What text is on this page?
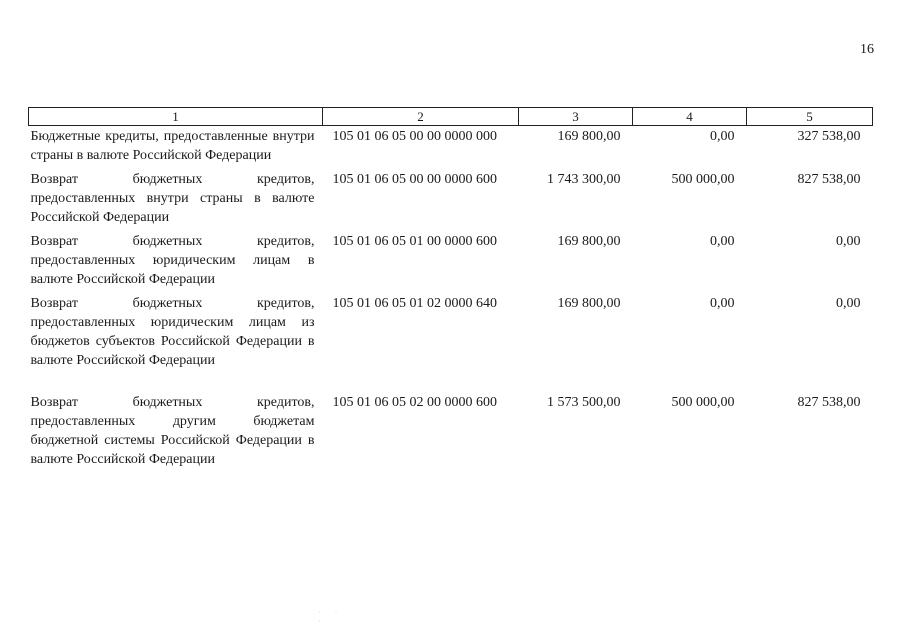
16
1	2	3	4	5
Бюджетные кредиты, предоставленные внутри страны в валюте Российской Федерации	105 01 06 05 00 00 0000 000	169 800,00	0,00	327 538,00
Возврат бюджетных кредитов, предоставленных внутри страны в валюте Российской Федерации	105 01 06 05 00 00 0000 600	1 743 300,00	500 000,00	827 538,00
Возврат бюджетных кредитов, предоставленных юридическим лицам в валюте Российской Федерации	105 01 06 05 01 00 0000 600	169 800,00	0,00	0,00
Возврат бюджетных кредитов, предоставленных юридическим лицам из бюджетов субъектов Российской Федерации в валюте Российской Федерации	105 01 06 05 01 02 0000 640	169 800,00	0,00	0,00
Возврат бюджетных кредитов, предоставленных другим бюджетам бюджетной системы Российской Федерации в валюте Российской Федерации	105 01 06 05 02 00 0000 600	1 573 500,00	500 000,00	827 538,00
· · ·
